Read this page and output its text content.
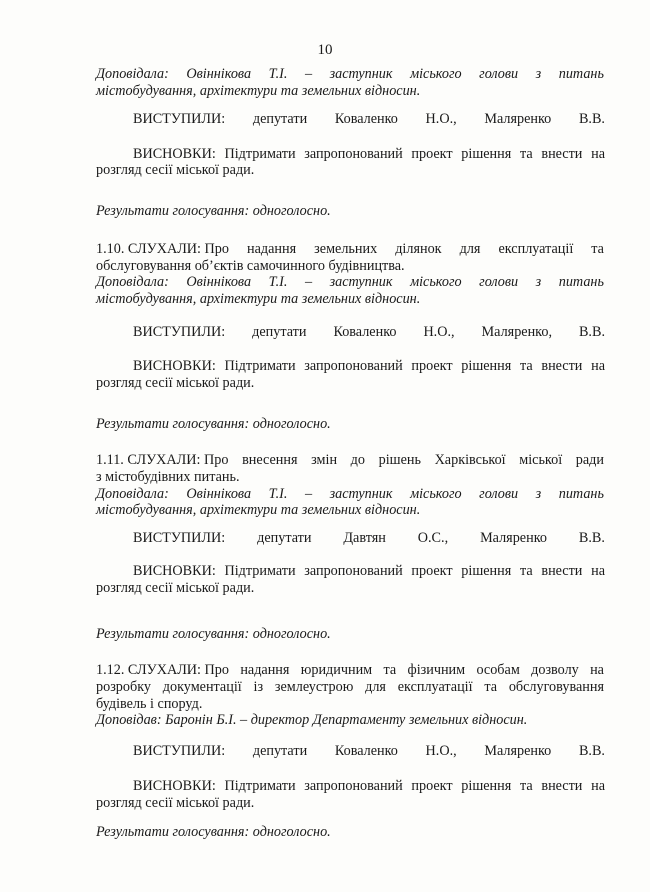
10
Доповідала: Овіннікова Т.І. – заступник міського голови з питань
містобудування, архітектури та земельних відносин.
ВИСТУПИЛИ: депутати Коваленко Н.О., Маляренко В.В.
ВИСНОВКИ: Підтримати запропонований проект рішення та внести на
розгляд сесії міської ради.
Результати голосування: одноголосно.
1.10. СЛУХАЛИ: Про надання земельних ділянок для експлуатації та
обслуговування об’єктів самочинного будівництва.
Доповідала: Овіннікова Т.І. – заступник міського голови з питань
містобудування, архітектури та земельних відносин.
ВИСТУПИЛИ: депутати Коваленко Н.О., Маляренко, В.В.
ВИСНОВКИ: Підтримати запропонований проект рішення та внести на
розгляд сесії міської ради.
Результати голосування: одноголосно.
1.11. СЛУХАЛИ: Про внесення змін до рішень Харківської міської ради
з містобудівних питань.
Доповідала: Овіннікова Т.І. – заступник міського голови з питань
містобудування, архітектури та земельних відносин.
ВИСТУПИЛИ: депутати Давтян О.С., Маляренко В.В.
ВИСНОВКИ: Підтримати запропонований проект рішення та внести на
розгляд сесії міської ради.
Результати голосування: одноголосно.
1.12. СЛУХАЛИ: Про надання юридичним та фізичним особам дозволу на
розробку документації із землеустрою для експлуатації та обслуговування
будівель і споруд.
Доповідав: Баронін Б.І. – директор Департаменту земельних відносин.
ВИСТУПИЛИ: депутати Коваленко Н.О., Маляренко В.В.
ВИСНОВКИ: Підтримати запропонований проект рішення та внести на
розгляд сесії міської ради.
Результати голосування: одноголосно.
